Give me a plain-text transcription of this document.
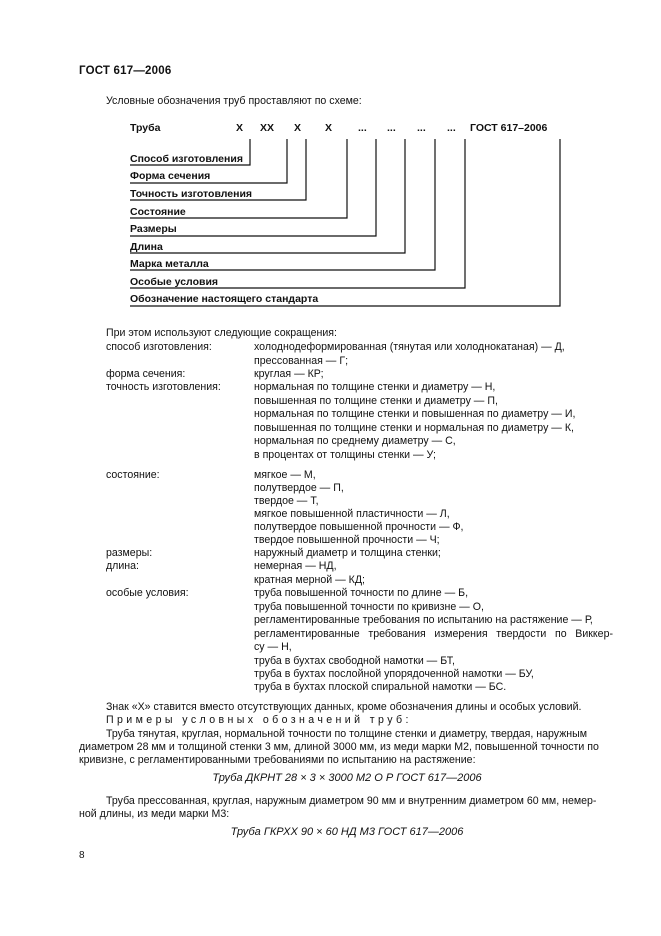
ГОСТ 617—2006
Условные обозначения труб проставляют по схеме:
Труба	Х ХХ Х Х ... ... ... ... ГОСТ 617–2006
Способ изготовления
Форма сечения
Точность изготовления
Состояние
Размеры
Длина
Марка металла
Особые условия
Обозначение настоящего стандарта
При этом используют следующие сокращения:
способ изготовления:	холоднодеформированная (тянутая или холоднокатаная) — Д,
прессованная — Г;
форма сечения:	круглая — КР;
точность изготовления:	нормальная по толщине стенки и диаметру — Н,
повышенная по толщине стенки и диаметру — П,
нормальная по толщине стенки и повышенная по диаметру — И,
повышенная по толщине стенки и нормальная по диаметру — К,
нормальная по среднему диаметру — С,
в процентах от толщины стенки — У;
состояние:	мягкое — М,
полутвердое — П,
твердое — Т,
мягкое повышенной пластичности — Л,
полутвердое повышенной прочности — Ф,
твердое повышенной прочности — Ч;
размеры:	наружный диаметр и толщина стенки;
длина:	немерная — НД,
кратная мерной — КД;
особые условия:	труба повышенной точности по длине — Б,
труба повышенной точности по кривизне — О,
регламентированные требования по испытанию на растяжение — Р,
регламентированные требования измерения твердости по Виккер-
су — Н,
труба в бухтах свободной намотки — БТ,
труба в бухтах послойной упорядоченной намотки — БУ,
труба в бухтах плоской спиральной намотки — БС.
Знак «Х» ставится вместо отсутствующих данных, кроме обозначения длины и особых условий.
Примеры условных обозначений труб:
Труба тянутая, круглая, нормальной точности по толщине стенки и диаметру, твердая, наружным
диаметром 28 мм и толщиной стенки 3 мм, длиной 3000 мм, из меди марки М2, повышенной точности по
кривизне, с регламентированными требованиями по испытанию на растяжение:
Труба ДКРНТ 28 × 3 × 3000 М2 О Р ГОСТ 617—2006
Труба прессованная, круглая, наружным диаметром 90 мм и внутренним диаметром 60 мм, немер-
ной длины, из меди марки М3:
Труба ГКРХХ 90 × 60 НД М3 ГОСТ 617—2006
8
